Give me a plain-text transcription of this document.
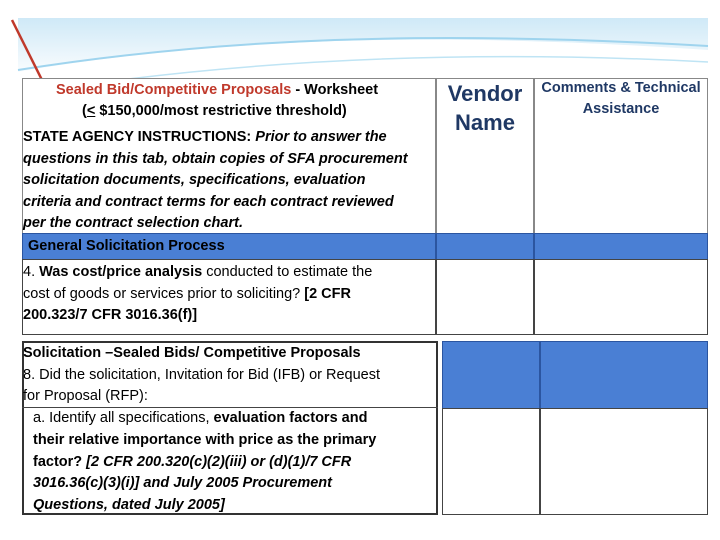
Sealed Bid/Competitive Proposals - Worksheet
(< $150,000/most restrictive threshold)
STATE AGENCY INSTRUCTIONS: Prior to answer the
questions in this tab, obtain copies of SFA procurement
solicitation documents, specifications, evaluation
criteria and contract terms for each contract reviewed
per the contract selection chart.
Vendor
Name
Comments & Technical
Assistance
General Solicitation Process
4. Was cost/price analysis conducted to estimate the
cost of goods or services prior to soliciting? [2 CFR
200.323/7 CFR 3016.36(f)]
Solicitation –Sealed Bids/ Competitive Proposals
8. Did the solicitation, Invitation for Bid (IFB) or Request
for Proposal (RFP):
a. Identify all specifications, evaluation factors and
their relative importance with price as the primary
factor? [2 CFR 200.320(c)(2)(iii) or (d)(1)/7 CFR
3016.36(c)(3)(i)] and July 2005 Procurement
Questions, dated July 2005]
